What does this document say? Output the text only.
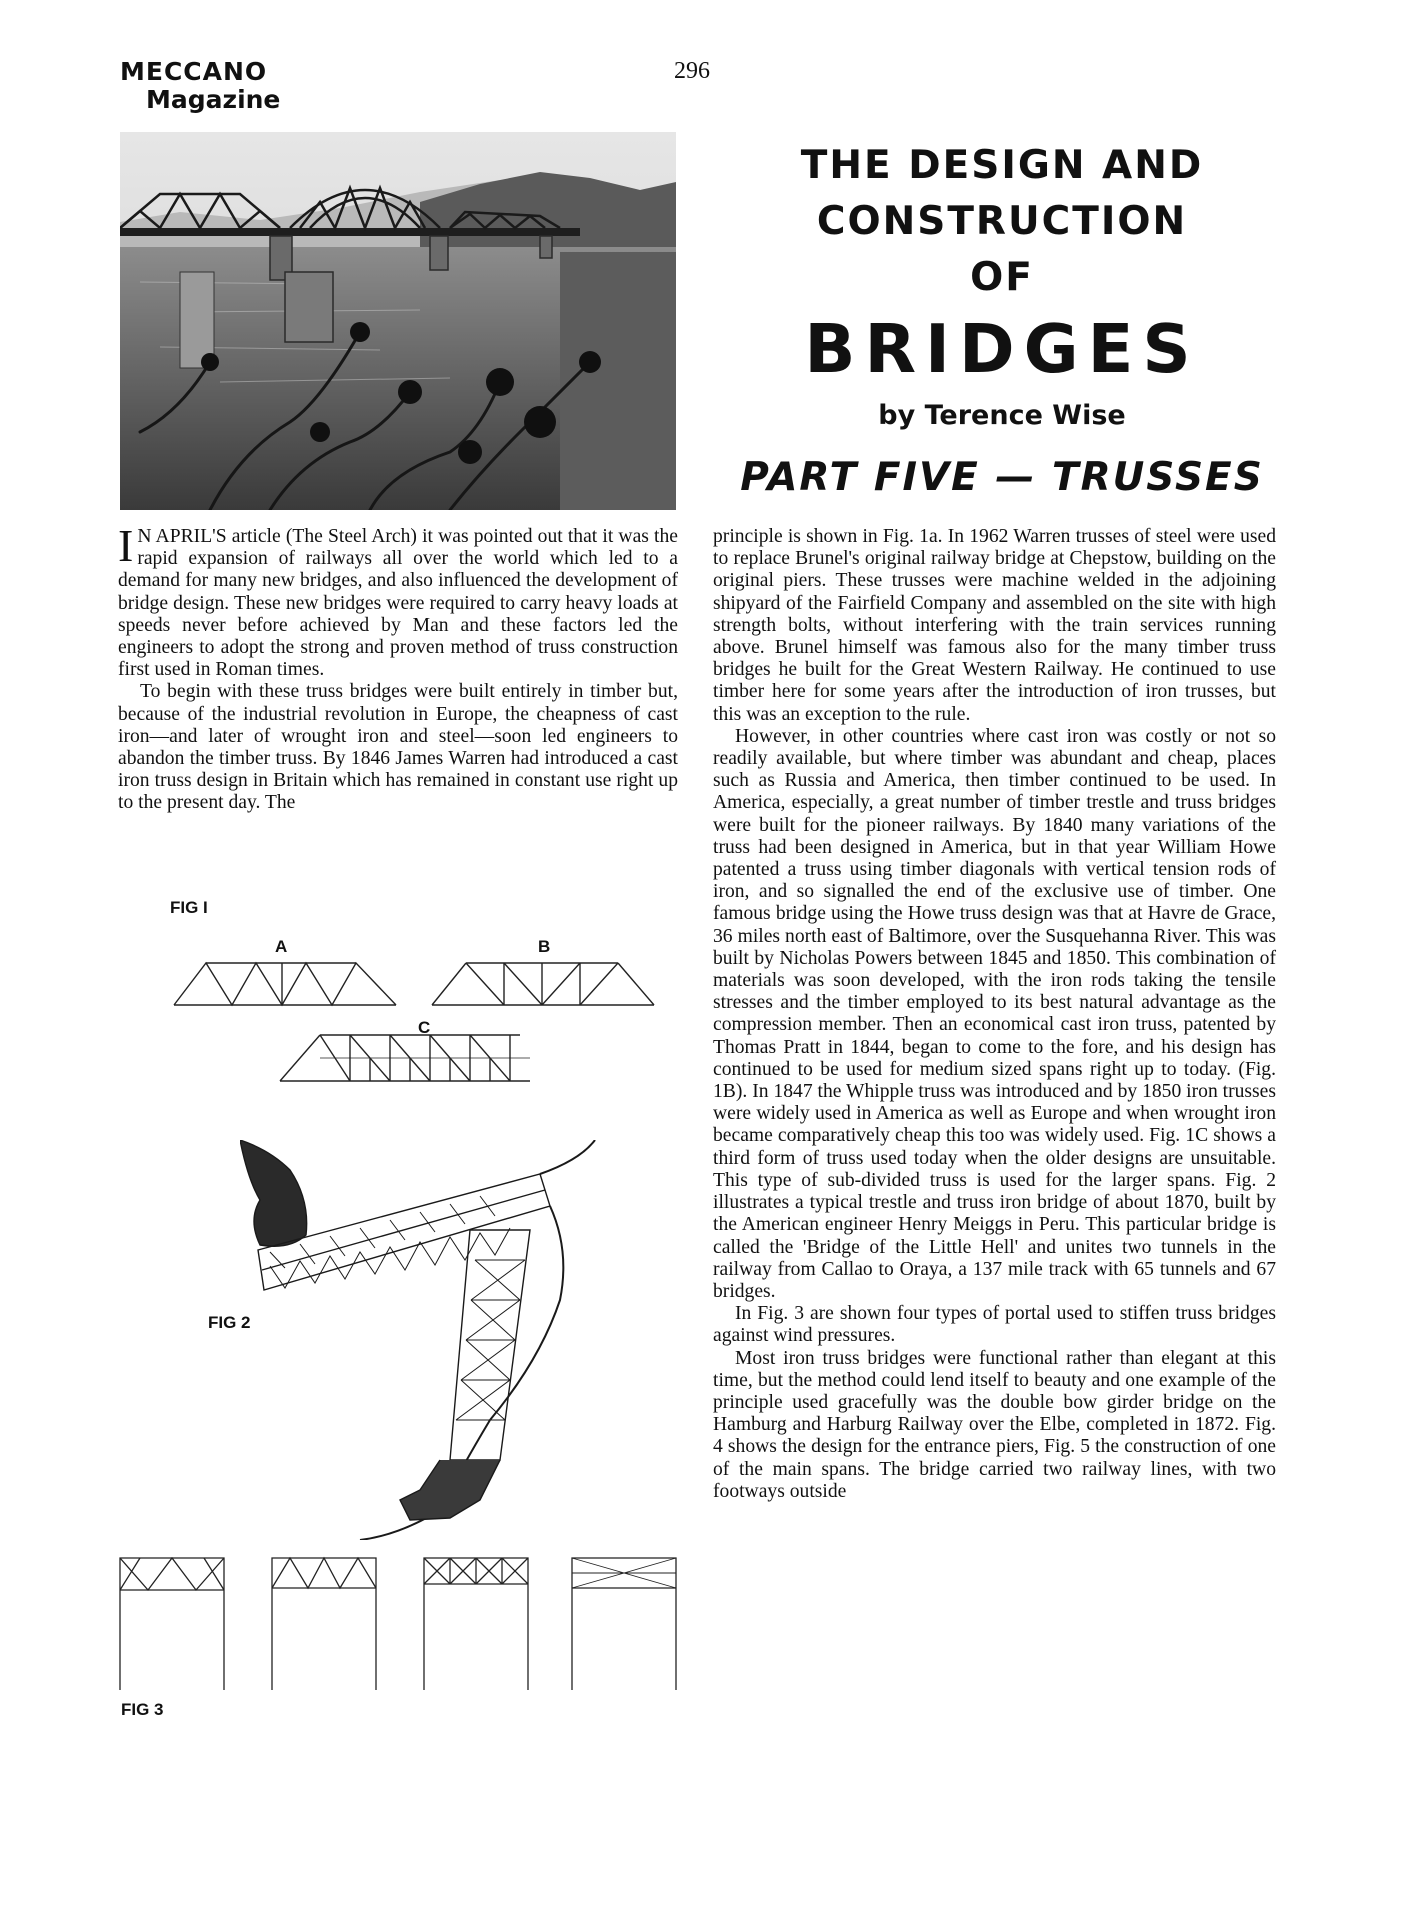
MECCANO
Magazine
296
THE DESIGN AND
CONSTRUCTION
OF
BRIDGES
by Terence Wise
PART FIVE — TRUSSES

I N APRIL'S article (The Steel Arch) it was pointed out that it was the rapid expansion of railways all over the world which led to a demand for many new bridges, and also influenced the development of bridge design. These new bridges were required to carry heavy loads at speeds never before achieved by Man and these factors led the engineers to adopt the strong and proven method of truss construction first used in Roman times.

To begin with these truss bridges were built entirely in timber but, because of the industrial revolution in Europe, the cheapness of cast iron—and later of wrought iron and steel—soon led engineers to abandon the timber truss. By 1846 James Warren had introduced a cast iron truss design in Britain which has remained in constant use right up to the present day. The

principle is shown in Fig. 1a. In 1962 Warren trusses of steel were used to replace Brunel's original railway bridge at Chepstow, building on the original piers. These trusses were machine welded in the adjoining shipyard of the Fairfield Company and assembled on the site with high strength bolts, without interfering with the train services running above. Brunel himself was famous also for the many timber truss bridges he built for the Great Western Railway. He continued to use timber here for some years after the introduction of iron trusses, but this was an exception to the rule.

However, in other countries where cast iron was costly or not so readily available, but where timber was abundant and cheap, places such as Russia and America, then timber continued to be used. In America, especially, a great number of timber trestle and truss bridges were built for the pioneer railways. By 1840 many variations of the truss had been designed in America, but in that year William Howe patented a truss using timber diagonals with vertical tension rods of iron, and so signalled the end of the exclusive use of timber. One famous bridge using the Howe truss design was that at Havre de Grace, 36 miles north east of Baltimore, over the Susquehanna River. This was built by Nicholas Powers between 1845 and 1850. This combination of materials was soon developed, with the iron rods taking the tensile stresses and the timber employed to its best natural advantage as the compression member. Then an economical cast iron truss, patented by Thomas Pratt in 1844, began to come to the fore, and his design has continued to be used for medium sized spans right up to today. (Fig. 1B). In 1847 the Whipple truss was introduced and by 1850 iron trusses were widely used in America as well as Europe and when wrought iron became comparatively cheap this too was widely used. Fig. 1C shows a third form of truss used today when the older designs are unsuitable. This type of sub-divided truss is used for the larger spans. Fig. 2 illustrates a typical trestle and truss iron bridge of about 1870, built by the American engineer Henry Meiggs in Peru. This particular bridge is called the 'Bridge of the Little Hell' and unites two tunnels in the railway from Callao to Oraya, a 137 mile track with 65 tunnels and 67 bridges.

In Fig. 3 are shown four types of portal used to stiffen truss bridges against wind pressures.

Most iron truss bridges were functional rather than elegant at this time, but the method could lend itself to beauty and one example of the principle used gracefully was the double bow girder bridge on the Hamburg and Harburg Railway over the Elbe, completed in 1872. Fig. 4 shows the design for the entrance piers, Fig. 5 the construction of one of the main spans. The bridge carried two railway lines, with two footways outside

FIG I
A	B
C
FIG 2
FIG 3
